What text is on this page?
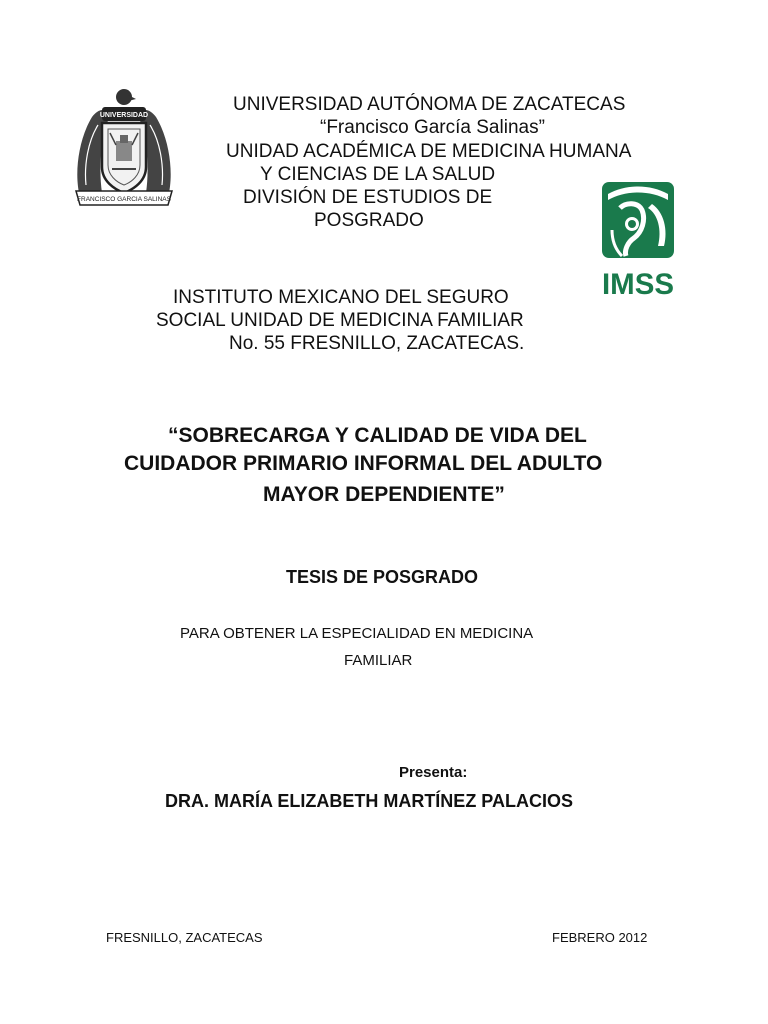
UNIVERSIDAD
FRANCISCO GARCIA SALINAS
IMSS
UNIVERSIDAD AUTÓNOMA DE ZACATECAS
“Francisco García Salinas”
UNIDAD ACADÉMICA DE MEDICINA HUMANA
Y CIENCIAS DE LA SALUD
DIVISIÓN DE ESTUDIOS DE
POSGRADO
INSTITUTO MEXICANO DEL SEGURO
SOCIAL UNIDAD DE MEDICINA FAMILIAR
No. 55 FRESNILLO, ZACATECAS.
“SOBRECARGA Y CALIDAD DE VIDA DEL
CUIDADOR PRIMARIO INFORMAL DEL ADULTO
MAYOR DEPENDIENTE”
TESIS DE POSGRADO
PARA OBTENER LA ESPECIALIDAD EN MEDICINA
FAMILIAR
Presenta:
DRA. MARÍA ELIZABETH MARTÍNEZ PALACIOS
FRESNILLO, ZACATECAS	FEBRERO 2012
